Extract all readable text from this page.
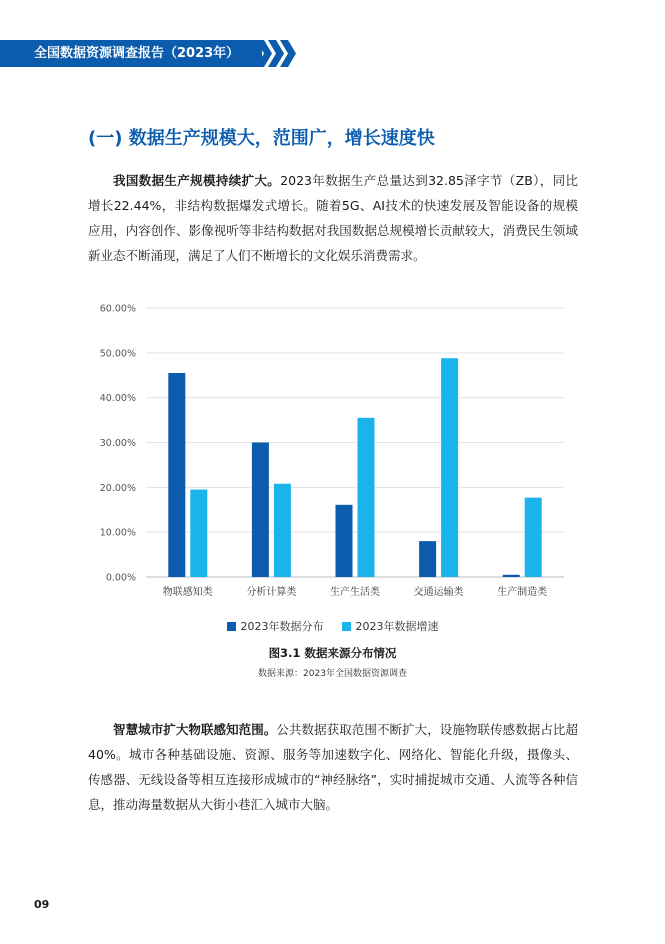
全国数据资源调查报告（2023年）
(一) 数据生产规模大，范围广，增长速度快

我国数据生产规模持续扩大。2023年数据生产总量达到32.85泽字节（ZB），同比增长22.44%，非结构数据爆发式增长。随着5G、AI技术的快速发展及智能设备的规模应用，内容创作、影像视听等非结构数据对我国数据总规模增长贡献较大，消费民生领域新业态不断涌现，满足了人们不断增长的文化娱乐消费需求。

0.00%
10.00%
20.00%
30.00%
40.00%
50.00%
60.00%
物联感知类	分析计算类	生产生活类	交通运输类	生产制造类
2023年数据分布	2023年数据增速
图3.1 数据来源分布情况
数据来源：2023年全国数据资源调查

智慧城市扩大物联感知范围。公共数据获取范围不断扩大，设施物联传感数据占比超40%。城市各种基础设施、资源、服务等加速数字化、网络化、智能化升级，摄像头、传感器、无线设备等相互连接形成城市的“神经脉络”，实时捕捉城市交通、人流等各种信息，推动海量数据从大街小巷汇入城市大脑。

09
